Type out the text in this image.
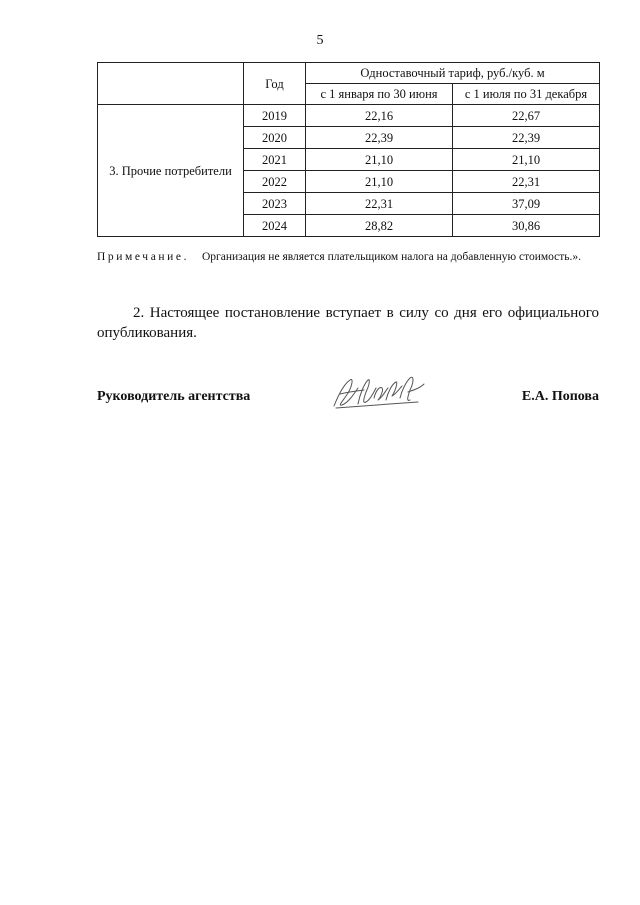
5
	Год	Одноставочный тариф, руб./куб. м	
		с 1 января по 30 июня	с 1 июля по 31 декабря
3. Прочие потребители	2019	22,16	22,67
	2020	22,39	22,39
	2021	21,10	21,10
	2022	21,10	22,31
	2023	22,31	37,09
	2024	28,82	30,86
Примечание.	Организация не является плательщиком налога на добавленную стоимость.».
2. Настоящее постановление вступает в силу со дня его официального опубликования.
Руководитель агентства	Е.А. Попова
